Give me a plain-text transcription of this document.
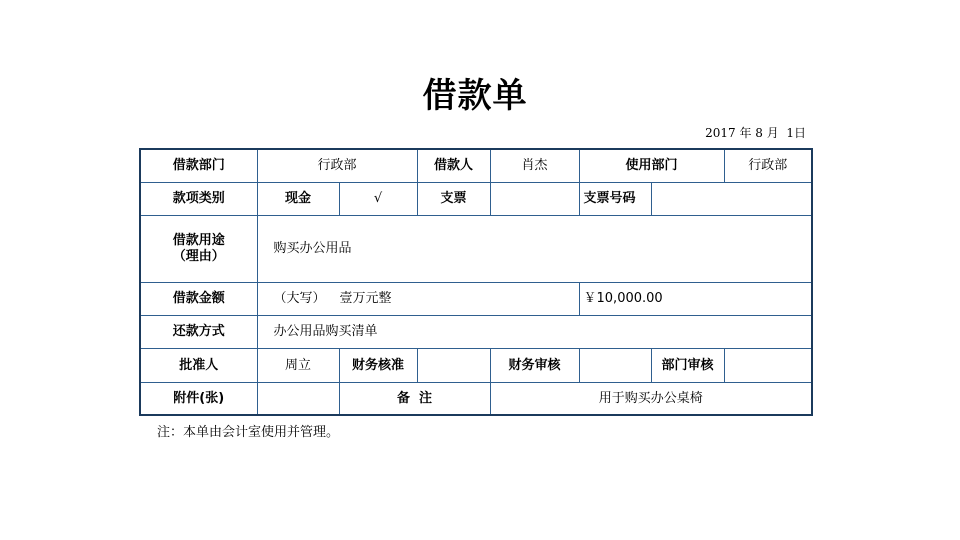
借款单
2017 年 8 月  1日
借款部门	行政部		借款人	肖杰	使用部门		行政部
款项类别	现金	√	支票		支票号码		

借款用途
（理由）	购买办公用品						
借款金额	（大写） 壹万元整				￥10,000.00		
还款方式	办公用品购买清单						
批准人	周立	财务核准		财务审核		部门审核	
附件(张)		备  注		用于购买办公桌椅			
注：本单由会计室使用并管理。
